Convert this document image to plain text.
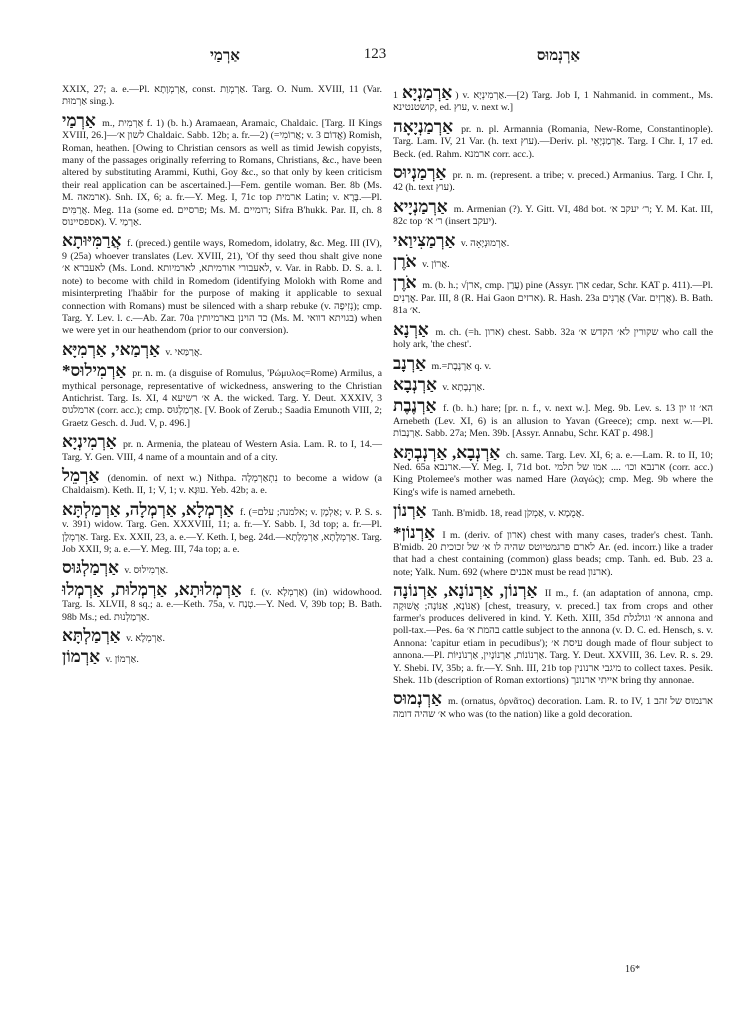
אַרְמַי	123	אַרְנְמוּס

XXIX, 27; a. e.—Pl. אַרְמְוָתָא, const. אַרְמְוַת. Targ. O. Num. XVIII, 11 (Var. אַרְמוּת sing.).

אַרְמַי m., אַרְמִית f. 1) (b. h.) Aramaean, Aramaic, Chaldaic. [Targ. II Kings XVIII, 26.]—לשון א׳ Chaldaic. Sabb. 12b; a. fr.—2) (=אֲרוֹמִי; v. אֱדוֹם 3) Romish, Roman, heathen. [Owing to Christian censors as well as timid Jewish copyists, many of the passages originally referring to Romans, Christians, &c., have been altered by substituting Arammi, Kuthi, Goy &c., so that only by keen criticism their real application can be ascertained.]—Fem. gentile woman. Ber. 8b (Ms. M. ארמאה). Snh. IX, 6; a. fr.—Y. Meg. I, 71c top ארמית Latin; v. בֶּרֶא.—Pl. אֲרַמִּים. Meg. 11a (some ed. פרסיים; Ms. M. רומיים; Sifra B'hukk. Par. II, ch. 8 אספסיינוס). V. אַרְמַי.

אֲרַמִּיּוּתָא f. (preced.) gentile ways, Romedom, idolatry, &c. Meg. III (IV), 9 (25a) whoever translates (Lev. XVIII, 21), 'Of thy seed thou shalt give none לאעברא א׳ (Ms. Lond. לאעבורי אורמיתא, לארמיותא, v. Var. in Rabb. D. S. a. l. note) to become with child in Romedom (identifying Molokh with Rome and misinterpreting l'haăbir for the purpose of making it applicable to sexual connection with Romans) must be silenced with a sharp rebuke (v. נְזִיפָה); cmp. Targ. Y. Lev. l. c.—Ab. Zar. 70a כד הוינן בארמיותין (Ms. M. בגויתא דוואי) when we were yet in our heathendom (prior to our conversion).

אַרְמַאי, אַרְמִיָּא v. אֲרַמַּאי.

*אַרְמִילוּס pr. n. m. (a disguise of Romulus, 'Ρώμυλος=Rome) Armilus, a mythical personage, representative of wickedness, answering to the Christian Antichrist. Targ. Is. XI, 4 א׳ רשיעא A. the wicked. Targ. Y. Deut. XXXIV, 3 ארמלגוס (corr. acc.); cmp. אַרְמַלְגּוּס. [V. Book of Zerub.; Saadia Emunoth VIII, 2; Graetz Gesch. d. Jud. V, p. 496.]

אַרְמִינְיָא pr. n. Armenia, the plateau of Western Asia. Lam. R. to I, 14.—Targ. Y. Gen. VIII, 4 name of a mountain and of a city.

אַרְמֵל (denomin. of next w.) Nithpa. נִתְאַרְמְלָה to become a widow (a Chaldaism). Keth. II, 1; V, 1; v. עוּגָּא. Yeb. 42b; a. e.

אַרְמְלָא, אַרְמְלָה, אַרְמַלְתָּא f. (=אלמנה; עלם; v. אַלְמָן; v. P. S. s. v. 391) widow. Targ. Gen. XXXVIII, 11; a. fr.—Y. Sabb. I, 3d top; a. fr.—Pl. אַרְמְלָן. Targ. Ex. XXII, 23, a. e.—Y. Keth. I, beg. 24d.—אַרְמְלָתָא, אַרְמְלָתָא. Targ. Job XXII, 9; a. e.—Y. Meg. III, 74a top; a. e.

אַרְמַלְגּוּס v. אַרְמִילוּס.

אַרְמְלוּתָא, אַרְמְלוּת, אַרְמְלוּ f. (v. אַרְמְלָא) (in) widowhood. Targ. Is. XLVII, 8 sq.; a. e.—Keth. 75a, v. טְנַח.—Y. Ned. V, 39b top; B. Bath. 98b Ms.; ed. אַרְמַלְנוּת.

אַרְמַלְתָּא v. אַרְמְלָא.

אַרְמוֹן v. אַרְמוֹן.

אַרְמַנְיָא 1) v. אַרְמִינְיָא.—[2) Targ. Job I, 1 Nahmanid. in comment., Ms. קושטנטינא, ed. עוץ, v. next w.]

אַרְמַנְיָאָה pr. n. pl. Armannia (Romania, New-Rome, Constantinople). Targ. Lam. IV, 21 Var. (h. text עוץ).—Deriv. pl. אַרְמַנְיָאֵי. Targ. I Chr. I, 17 ed. Beck. (ed. Rahm. ארמנא corr. acc.).

אַרְמַנְיוּס pr. n. m. (represent. a tribe; v. preced.) Armanius. Targ. I Chr. I, 42 (h. text עוץ).

אַרְמַנְיָיא m. Armenian (?). Y. Gitt. VI, 48d bot. ר׳ יעקב א׳; Y. M. Kat. III, 82c top ר׳ א׳ (insert יעקב).

אַרְמַצִיוַאי v. אַרְמוּנְיָאָה.

אֹרֶן v. אֲרוֹן.

אֹרֶן m. (b. h.; √ארן, cmp. עֲרַן) pine (Assyr. ארן cedar, Schr. KAT p. 411).—Pl. אֳרָנִים. Par. III, 8 (R. Hai Gaon ארזים). R. Hash. 23a אֲרָנִים (Var. אֲרָזִים). B. Bath. 81a א׳.

אַרְנָא m. ch. (=h. ארון) chest. Sabb. 32a שקורין לא׳ הקדש א׳ who call the holy ark, 'the chest'.

אַרְנָב m.=אַרְנֶבֶת q. v.

אַרְנְבָא v. אַרְנְבָתָא.

אַרְנֶבֶת f. (b. h.) hare; [pr. n. f., v. next w.]. Meg. 9b. Lev. s. 13 הא׳ זו יון Arnebeth (Lev. XI, 6) is an allusion to Yavan (Greece); cmp. next w.—Pl. אַרְנָבוֹת. Sabb. 27a; Men. 39b. [Assyr. Annabu, Schr. KAT p. 498.]

אַרְנְבָא, אַרְנְבְתָּא ch. same. Targ. Lev. XI, 6; a. e.—Lam. R. to II, 10; Ned. 65a ארנבא.—Y. Meg. I, 71d bot. ארנבא וכו׳ .... אמו של תלמי (corr. acc.) King Ptolemee's mother was named Hare (λαγώς); cmp. Meg. 9b where the King's wife is named arnebeth.

אַרְנוֹן Tanh. B'midb. 18, read אַמְקֹן, v. אֲמֻמָא.

*אַרְנוֹן I m. (deriv. of ארון) chest with many cases, trader's chest. Tanh. B'midb. 20 לארם פרגמטיוטס שהיה לו א׳ של זכוכית Ar. (ed. incorr.) like a trader that had a chest containing (common) glass beads; cmp. Tanh. ed. Bub. 23 a. note; Yalk. Num. 692 (where אבנים must be read ארנון).

אַרְנוֹן, אַרְנוֹנָא, אַרְנוֹנָה II m., f. (an adaptation of annona, cmp. אַנּוֹנָא, אַנּוֹנָה; אֲשׁוּקָה) [chest, treasury, v. preced.] tax from crops and other farmer's produces delivered in kind. Y. Keth. XIII, 35d א׳ וגולגלת annona and poll-tax.—Pes. 6a בהמת א׳ cattle subject to the annona (v. D. C. ed. Hensch, s. v. Annona: 'capitur etiam in pecudibus'); עיסת א׳ dough made of flour subject to annona.—Pl. אַרְנוֹנוֹת, אַרְנוֹנָיִין, אַרְנוֹנִיּוֹת. Targ. Y. Deut. XXVIII, 36. Lev. R. s. 29. Y. Shebi. IV, 35b; a. fr.—Y. Snh. III, 21b top מיגבי ארנונין to collect taxes. Pesik. Shek. 11b (description of Roman extortions) אייתי ארנונך bring thy annonae.

אַרְנְמוּס m. (ornatus, ὀρνᾶτος) decoration. Lam. R. to IV, 1 ארנמוס של זהב א׳ שהיה דומה who was (to the nation) like a gold decoration.

16*
